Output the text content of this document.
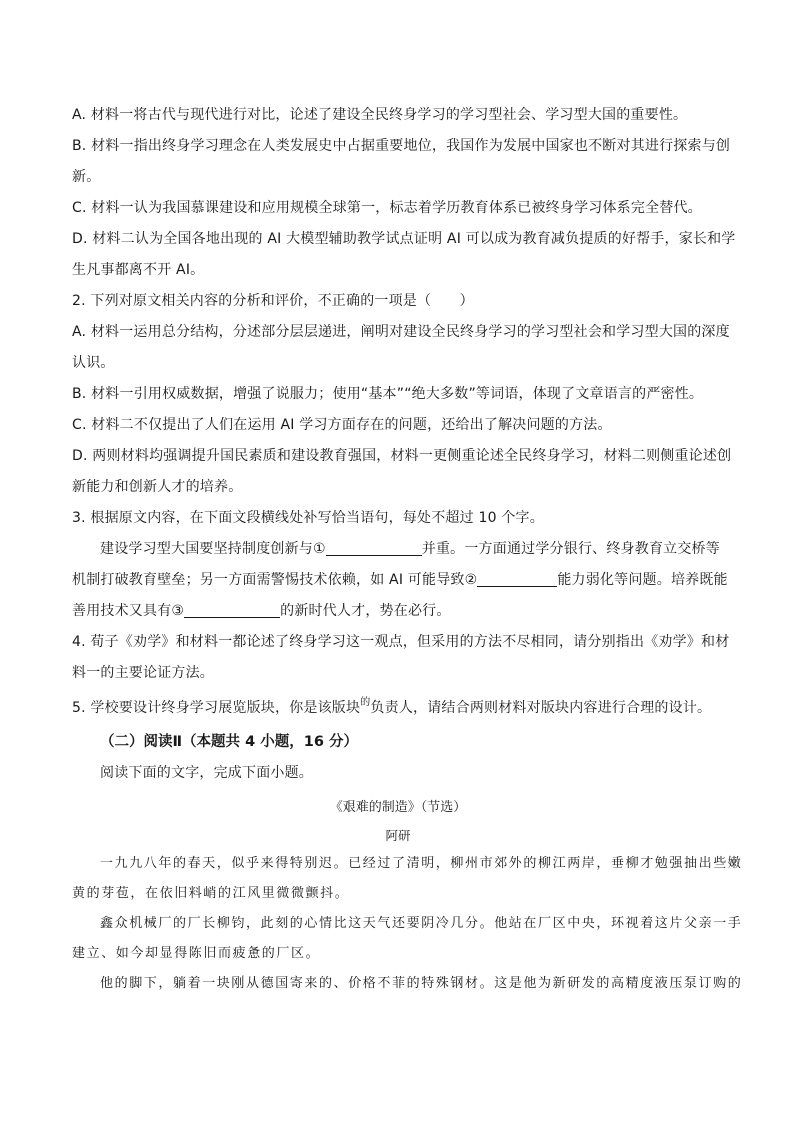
A. 材料一将古代与现代进行对比，论述了建设全民终身学习的学习型社会、学习型大国的重要性。
B. 材料一指出终身学习理念在人类发展史中占据重要地位，我国作为发展中国家也不断对其进行探索与创
新。
C. 材料一认为我国慕课建设和应用规模全球第一，标志着学历教育体系已被终身学习体系完全替代。
D. 材料二认为全国各地出现的 AI 大模型辅助教学试点证明 AI 可以成为教育减负提质的好帮手，家长和学
生凡事都离不开 AI。
2. 下列对原文相关内容的分析和评价，不正确的一项是（　　）
A. 材料一运用总分结构，分述部分层层递进，阐明对建设全民终身学习的学习型社会和学习型大国的深度
认识。
B. 材料一引用权威数据，增强了说服力；使用“基本”“绝大多数”等词语，体现了文章语言的严密性。
C. 材料二不仅提出了人们在运用 AI 学习方面存在的问题，还给出了解决问题的方法。
D. 两则材料均强调提升国民素质和建设教育强国，材料一更侧重论述全民终身学习，材料二则侧重论述创
新能力和创新人才的培养。
3. 根据原文内容，在下面文段横线处补写恰当语句，每处不超过 10 个字。
建设学习型大国要坚持制度创新与①	并重。一方面通过学分银行、终身教育立交桥等
机制打破教育壁垒；另一方面需警惕技术依赖，如 AI 可能导致②	能力弱化等问题。培养既能
善用技术又具有③	的新时代人才，势在必行。
4. 荀子《劝学》和材料一都论述了终身学习这一观点，但采用的方法不尽相同，请分别指出《劝学》和材
料一的主要论证方法。
5. 学校要设计终身学习展览版块，你是该版块$^的$负责人，请结合两则材料对版块内容进行合理的设计。
（二）阅读Ⅱ（本题共 4 小题，16 分）
阅读下面的文字，完成下面小题。
《艰难的制造》（节选）
阿研
一九九八年的春天，似乎来得特别迟。已经过了清明，柳州市郊外的柳江两岸，垂柳才勉强抽出些嫩
黄的芽苞，在依旧料峭的江风里微微颤抖。
鑫众机械厂的厂长柳钧，此刻的心情比这天气还要阴冷几分。他站在厂区中央，环视着这片父亲一手
建立、如今却显得陈旧而疲惫的厂区。
他的脚下，躺着一块刚从德国寄来的、价格不菲的特殊钢材。这是他为新研发的高精度液压泵订购的
